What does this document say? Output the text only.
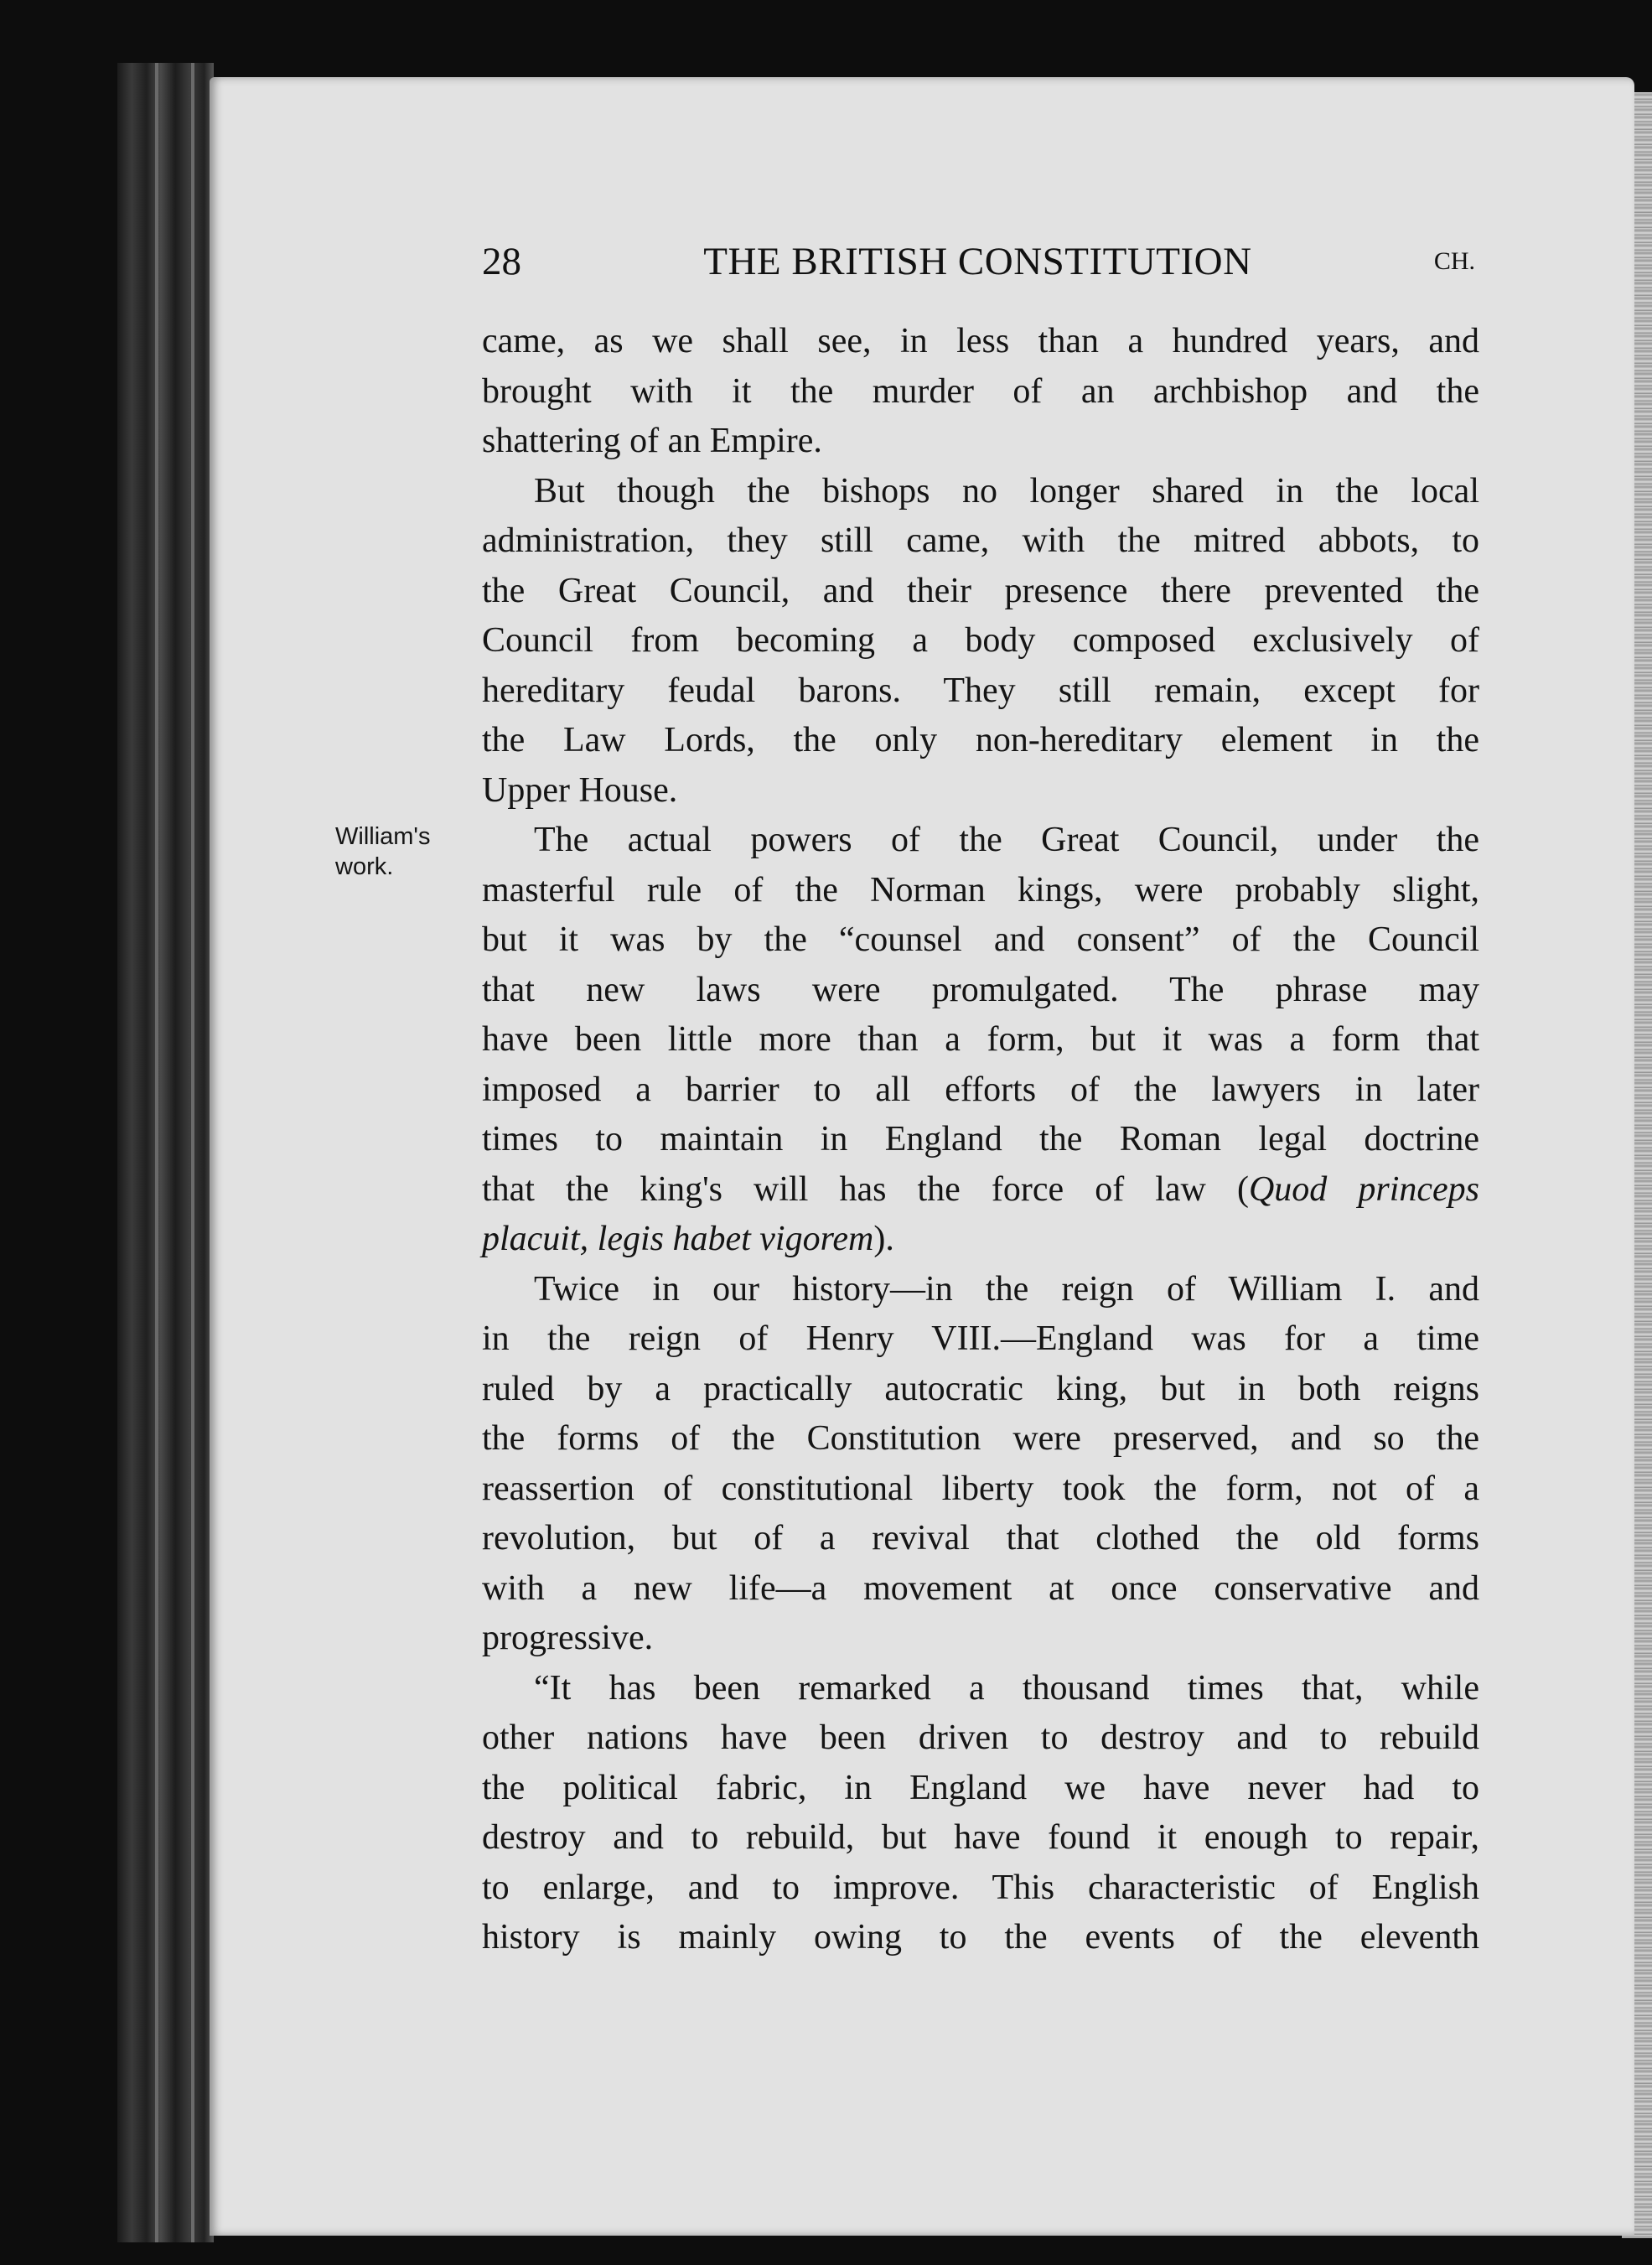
28	THE BRITISH CONSTITUTION	CH.
William's
work.
came, as we shall see, in less than a hundred years, and
brought with it the murder of an archbishop and the
shattering of an Empire.
But though the bishops no longer shared in the local
administration, they still came, with the mitred abbots, to
the Great Council, and their presence there prevented the
Council from becoming a body composed exclusively of
hereditary feudal barons. They still remain, except for
the Law Lords, the only non-hereditary element in the
Upper House.
The actual powers of the Great Council, under the
masterful rule of the Norman kings, were probably slight,
but it was by the “counsel and consent” of the Council
that new laws were promulgated. The phrase may
have been little more than a form, but it was a form that
imposed a barrier to all efforts of the lawyers in later
times to maintain in England the Roman legal doctrine
that the king's will has the force of law (Quod princeps
placuit, legis habet vigorem).
Twice in our history—in the reign of William I. and
in the reign of Henry VIII.—England was for a time
ruled by a practically autocratic king, but in both reigns
the forms of the Constitution were preserved, and so the
reassertion of constitutional liberty took the form, not of a
revolution, but of a revival that clothed the old forms
with a new life—a movement at once conservative and
progressive.
“It has been remarked a thousand times that, while
other nations have been driven to destroy and to rebuild
the political fabric, in England we have never had to
destroy and to rebuild, but have found it enough to repair,
to enlarge, and to improve. This characteristic of English
history is mainly owing to the events of the eleventh
